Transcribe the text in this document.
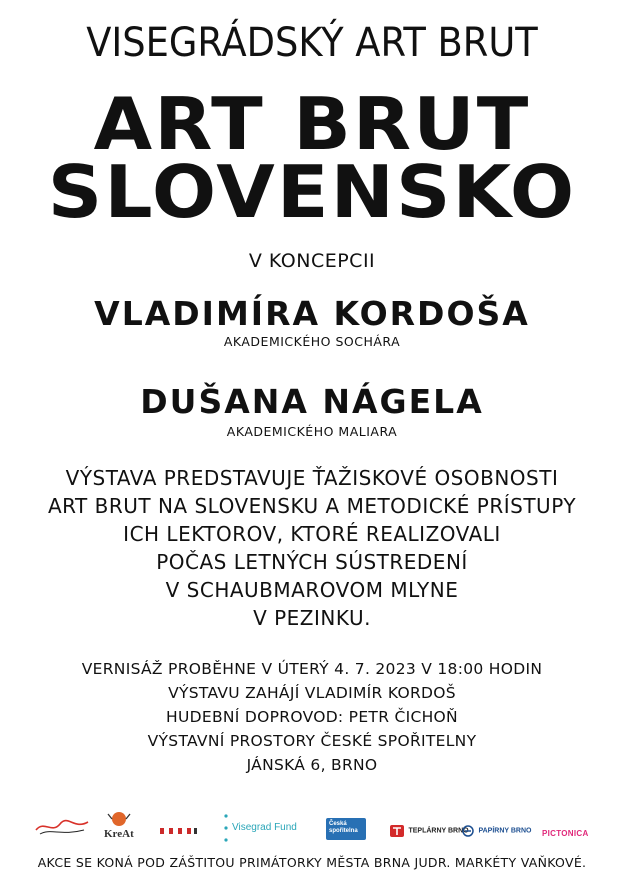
VISEGRÁDSKÝ ART BRUT
ART BRUT
SLOVENSKO
V KONCEPCII
VLADIMÍRA KORDOŠA
AKADEMICKÉHO SOCHÁRA
DUŠANA NÁGELA
AKADEMICKÉHO MALIARA
VÝSTAVA PREDSTAVUJE ŤAŽISKOVÉ OSOBNOSTI
ART BRUT NA SLOVENSKU A METODICKÉ PRÍSTUPY
ICH LEKTOROV, KTORÉ REALIZOVALI
POČAS LETNÝCH SÚSTREDENÍ
V SCHAUBMAROVOM MLYNE
V PEZINKU.
VERNISÁŽ PROBĚHNE V ÚTERÝ 4. 7. 2023 V 18:00 HODIN
VÝSTAVU ZAHÁJÍ VLADIMÍR KORDOŠ
HUDEBNÍ DOPROVOD: PETR ČICHOŇ
VÝSTAVNÍ PROSTORY ČESKÉ SPOŘITELNY
JÁNSKÁ 6, BRNO
KreAt
Visegrad Fund	Česká spořitelna	TEPLÁRNY BRNO	PAPÍRNY BRNO PICTONICA
AKCE SE KONÁ POD ZÁŠTITOU PRIMÁTORKY MĚSTA BRNA JUDR. MARKÉTY VAŇKOVÉ.
